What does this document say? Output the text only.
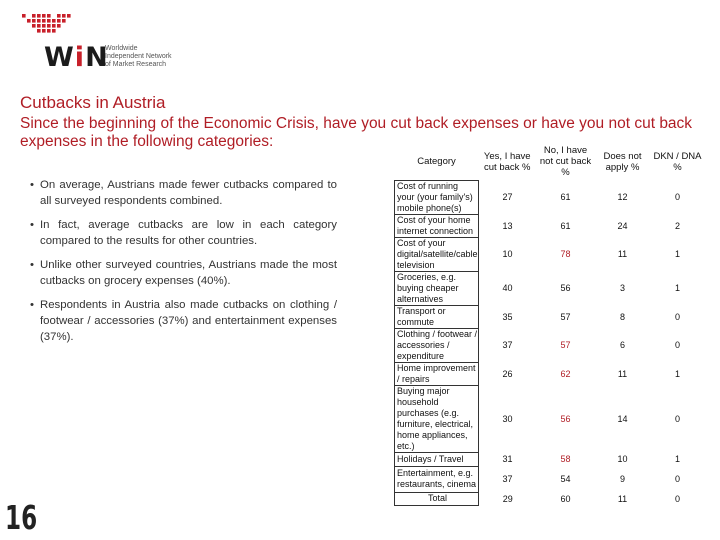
WiN
Worldwide
Independent Network
of Market Research
Cutbacks in Austria
Since the beginning of the Economic Crisis, have you cut back expenses or have you not cut back expenses in the following categories:
• On average, Austrians made fewer cutbacks compared to all surveyed respondents combined.
• In fact, average cutbacks are low in each category compared to the results for other countries.
• Unlike other surveyed countries, Austrians made the most cutbacks on grocery expenses (40%).
• Respondents in Austria also made cutbacks on clothing / footwear / accessories (37%) and entertainment expenses (37%).
Category	Yes, I have cut back %	No, I have not cut back %	Does not apply %	DKN / DNA %
Cost of running your (your family's) mobile phone(s)	27	61	12	0
Cost of your home internet connection	13	61	24	2
Cost of your digital/satellite/cable television	10	78	11	1
Groceries, e.g. buying cheaper alternatives	40	56	3	1
Transport or commute	35	57	8	0
Clothing / footwear / accessories / expenditure	37	57	6	0
Home improvement / repairs	26	62	11	1
Buying major household purchases (e.g. furniture, electrical, home appliances, etc.)	30	56	14	0
Holidays / Travel	31	58	10	1
Entertainment, e.g. restaurants, cinema	37	54	9	0
Total	29	60	11	0
16
